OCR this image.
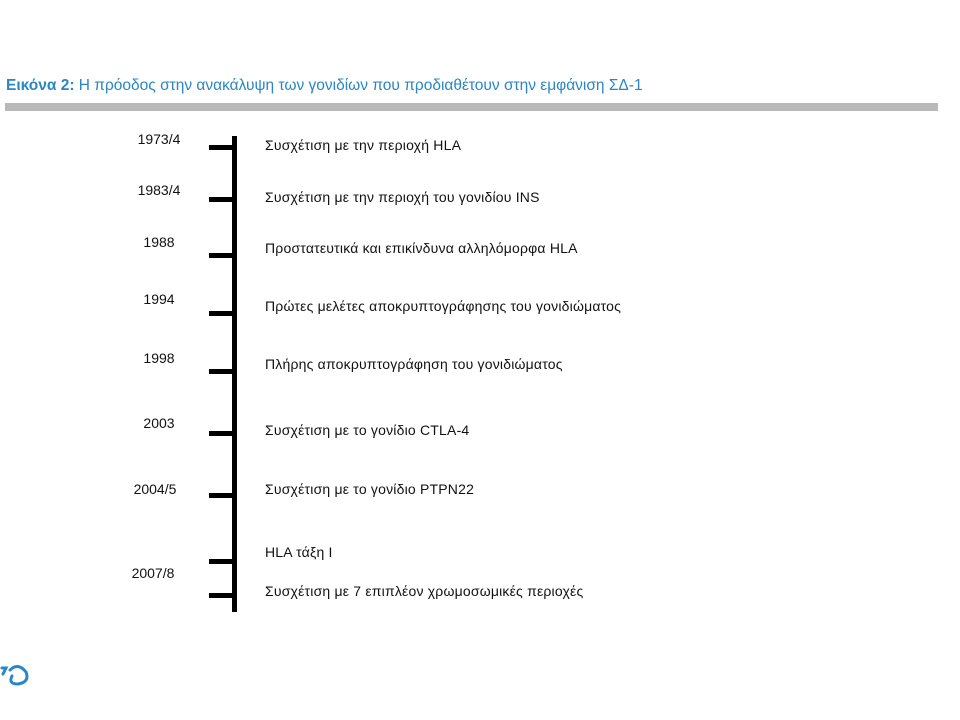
Εικόνα 2: Η πρόοδος στην ανακάλυψη των γονιδίων που προδιαθέτουν στην εμφάνιση ΣΔ-1
1973/4
1983/4
1988
1994
1998
2003
2004/5
2007/8
Συσχέτιση με την περιοχή HLA
Συσχέτιση με την περιοχή του γονιδίου INS
Προστατευτικά και επικίνδυνα αλληλόμορφα HLA
Πρώτες μελέτες αποκρυπτογράφησης του γονιδιώματος
Πλήρης αποκρυπτογράφηση του γονιδιώματος
Συσχέτιση με το γονίδιο CTLA-4
Συσχέτιση με το γονίδιο PTPN22
HLA τάξη I
Συσχέτιση με 7 επιπλέον χρωμοσωμικές περιοχές
